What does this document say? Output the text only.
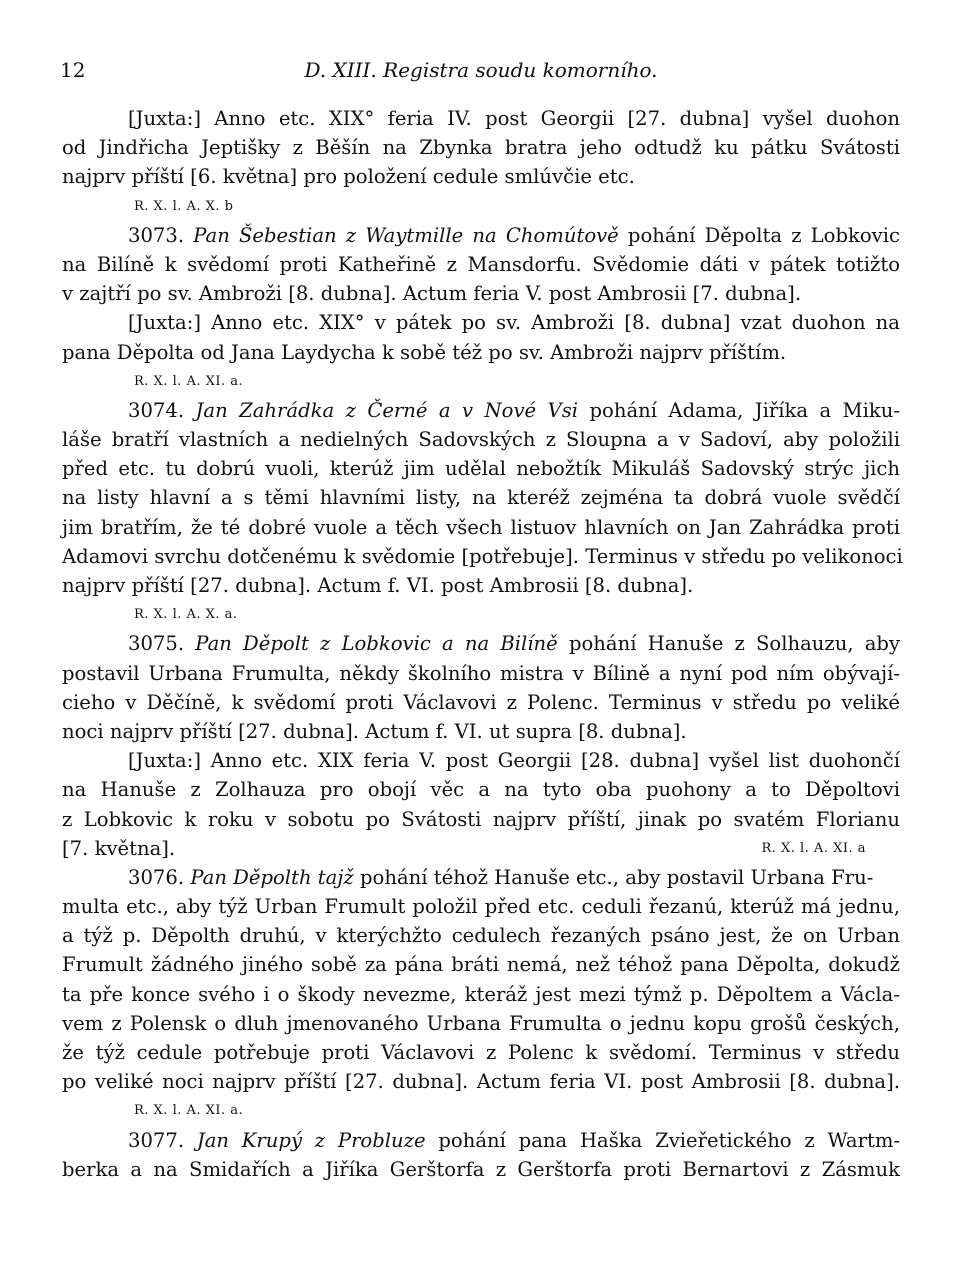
12	D. XIII. Registra soudu komorního.
[Juxta:] Anno etc. XIX° feria IV. post Georgii [27. dubna] vyšel duohon
od Jindřicha Jeptišky z Běšín na Zbynka bratra jeho odtudž ku pátku Svátosti
najprv příští [6. května] pro položení cedule smlúvčie etc.
R. X. l. A. X. b
3073. Pan Šebestian z Waytmille na Chomútově pohání Děpolta z Lobkovic
na Bilíně k svědomí proti Katheřině z Mansdorfu. Svědomie dáti v pátek totižto
v zajtří po sv. Ambroži [8. dubna]. Actum feria V. post Ambrosii [7. dubna].
[Juxta:] Anno etc. XIX° v pátek po sv. Ambroži [8. dubna] vzat duohon na
pana Děpolta od Jana Laydycha k sobě též po sv. Ambroži najprv příštím.
R. X. l. A. XI. a.
3074. Jan Zahrádka z Černé a v Nové Vsi pohání Adama, Jiříka a Miku-
láše bratří vlastních a nedielných Sadovských z Sloupna a v Sadoví, aby položili
před etc. tu dobrú vuoli, kterúž jim udělal nebožtík Mikuláš Sadovský strýc jich
na listy hlavní a s těmi hlavními listy, na kteréž zejména ta dobrá vuole svědčí
jim bratřím, že té dobré vuole a těch všech listuov hlavních on Jan Zahrádka proti
Adamovi svrchu dotčenému k svědomie [potřebuje]. Terminus v středu po velikonoci
najprv příští [27. dubna]. Actum f. VI. post Ambrosii [8. dubna].
R. X. l. A. X. a.
3075. Pan Děpolt z Lobkovic a na Bilíně pohání Hanuše z Solhauzu, aby
postavil Urbana Frumulta, někdy školního mistra v Bílině a nyní pod ním obývají-
cieho v Děčíně, k svědomí proti Václavovi z Polenc. Terminus v středu po veliké
noci najprv příští [27. dubna]. Actum f. VI. ut supra [8. dubna].
[Juxta:] Anno etc. XIX feria V. post Georgii [28. dubna] vyšel list duohončí
na Hanuše z Zolhauza pro obojí věc a na tyto oba puohony a to Děpoltovi
z Lobkovic k roku v sobotu po Svátosti najprv příští, jinak po svatém Florianu
[7. května].	R. X. l. A. XI. a
3076. Pan Děpolth tajž pohání téhož Hanuše etc., aby postavil Urbana Fru-
multa etc., aby týž Urban Frumult položil před etc. ceduli řezanú, kterúž má jednu,
a týž p. Děpolth druhú, v kterýchžto cedulech řezaných psáno jest, že on Urban
Frumult žádného jiného sobě za pána bráti nemá, než téhož pana Děpolta, dokudž
ta pře konce svého i o škody nevezme, kteráž jest mezi týmž p. Děpoltem a Václa-
vem z Polensk o dluh jmenovaného Urbana Frumulta o jednu kopu grošů českých,
že týž cedule potřebuje proti Václavovi z Polenc k svědomí. Terminus v středu
po veliké noci najprv příští [27. dubna]. Actum feria VI. post Ambrosii [8. dubna].
R. X. l. A. XI. a.
3077. Jan Krupý z Probluze pohání pana Haška Zvieřetického z Wartm-
berka a na Smidařích a Jiříka Gerštorfa z Gerštorfa proti Bernartovi z Zásmuk
